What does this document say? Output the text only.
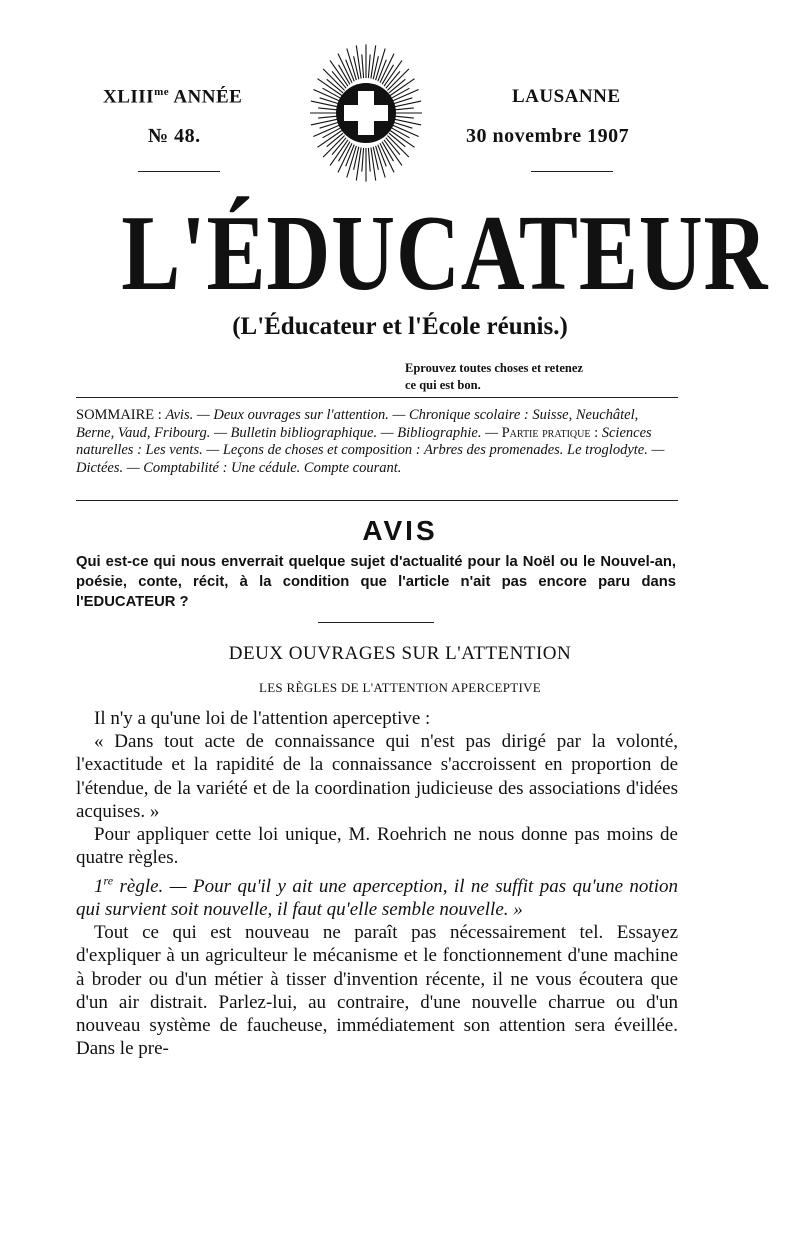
$XLIII^{me}$ ANNÉE
№ 48.
LAUSANNE
30 novembre 1907
L'ÉDUCATEUR
(L'Éducateur et l'École réunis.)
Eprouvez toutes choses et retenez
ce qui est bon.
SOMMAIRE : Avis. — Deux ouvrages sur l'attention. — Chronique scolaire : Suisse, Neuchâtel, Berne, Vaud, Fribourg. — Bulletin bibliographique. — Bibliographie. — Partie pratique : Sciences naturelles : Les vents. — Leçons de choses et composition : Arbres des promenades. Le troglodyte. — Dictées. — Comptabilité : Une cédule. Compte courant.
AVIS
Qui est-ce qui nous enverrait quelque sujet d'actualité pour la Noël ou le Nouvel-an, poésie, conte, récit, à la condition que l'article n'ait pas encore paru dans l'EDUCATEUR ?
DEUX OUVRAGES SUR L'ATTENTION
LES RÈGLES DE L'ATTENTION APERCEPTIVE

Il n'y a qu'une loi de l'attention aperceptive :

« Dans tout acte de connaissance qui n'est pas dirigé par la volonté, l'exactitude et la rapidité de la connaissance s'accroissent en proportion de l'étendue, de la variété et de la coordination judicieuse des associations d'idées acquises. »

Pour appliquer cette loi unique, M. Roehrich ne nous donne pas moins de quatre règles.

1re règle. — Pour qu'il y ait une aperception, il ne suffit pas qu'une notion qui survient soit nouvelle, il faut qu'elle semble nouvelle. »

Tout ce qui est nouveau ne paraît pas nécessairement tel. Essayez d'expliquer à un agriculteur le mécanisme et le fonctionnement d'une machine à broder ou d'un métier à tisser d'invention récente, il ne vous écoutera que d'un air distrait. Parlez-lui, au contraire, d'une nouvelle charrue ou d'un nouveau système de faucheuse, immédiatement son attention sera éveillée. Dans le pre-
